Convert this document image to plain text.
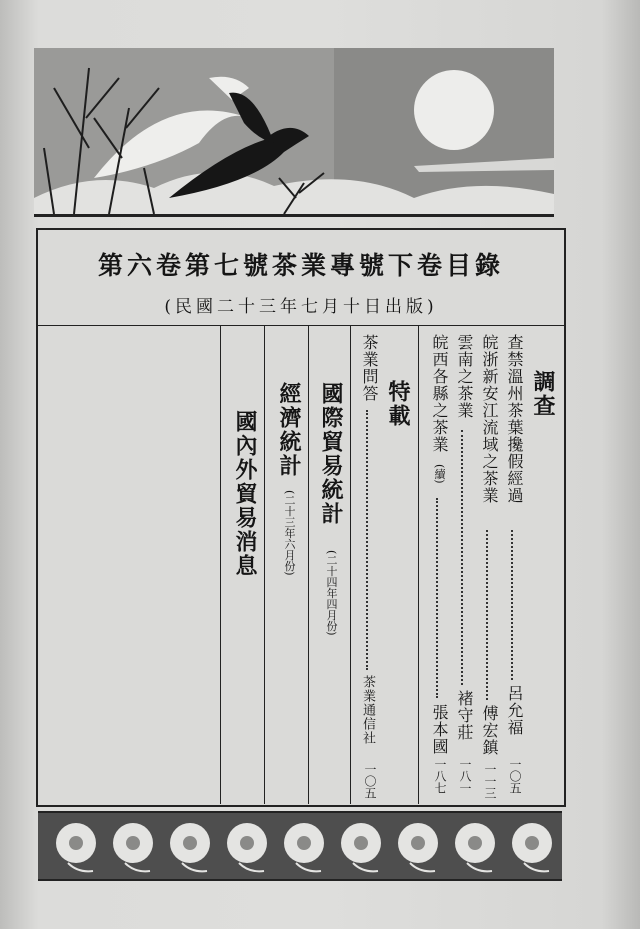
第六卷第七號茶業專號下卷目錄
(民國二十三年七月十日出版)
調查
查禁溫州茶葉攙假經過
呂允福
一〇五
皖浙新安江流域之茶業
傅宏鎮
一一三
雲南之茶業
褚守莊
一八一
皖西各縣之茶業
(續)
張本國
一八七
特載
茶業問答
茶業通信社
一〇五
國際貿易統計
(二十四年四月份)
經濟統計
(二十三年六月份)
國內外貿易消息
